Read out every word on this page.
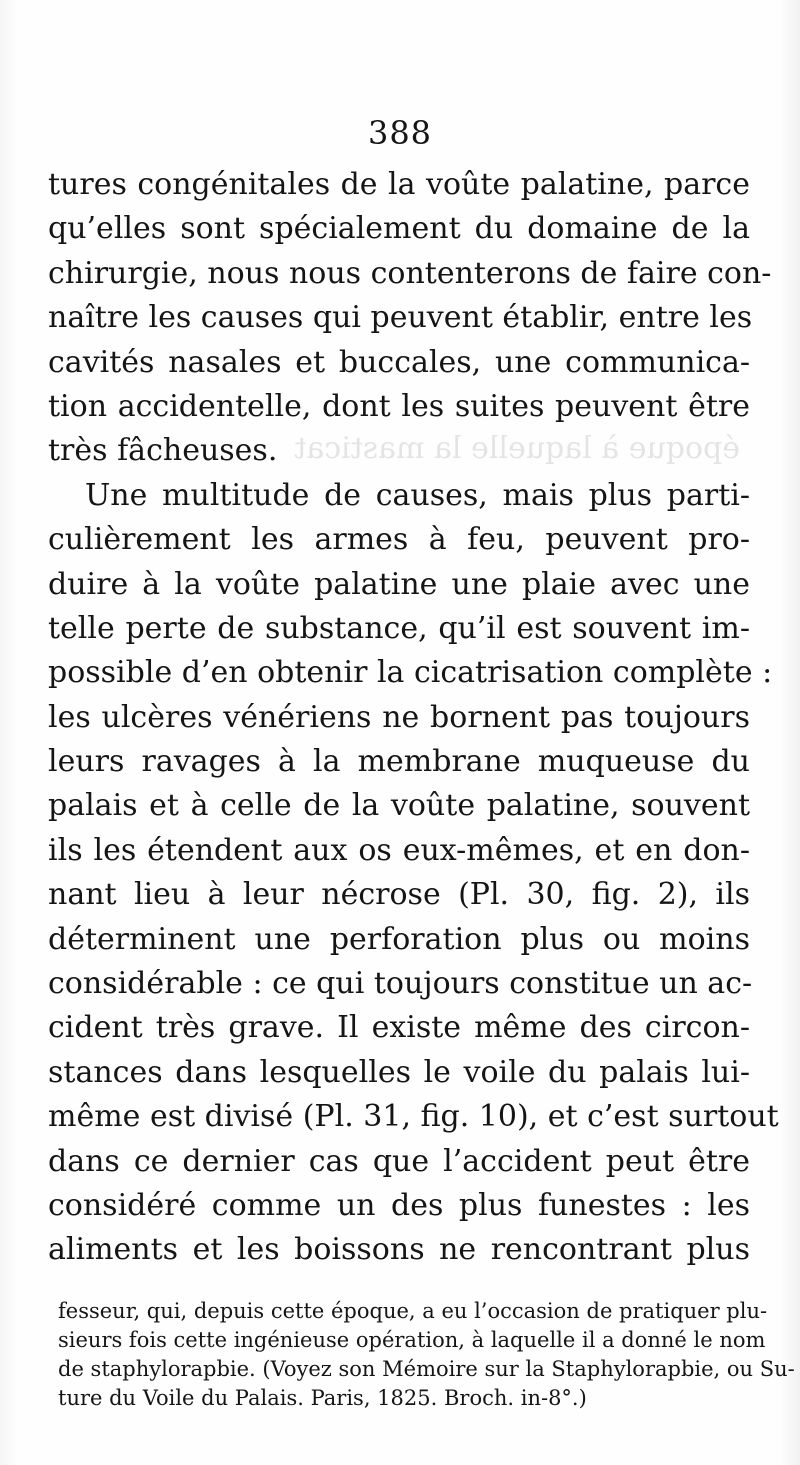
époque à laquelle la masticat
388
tures congénitales de la voûte palatine, parce
qu’elles sont spécialement du domaine de la
chirurgie, nous nous contenterons de faire con-
naître les causes qui peuvent établir, entre les
cavités nasales et buccales, une communica-
tion accidentelle, dont les suites peuvent être
très fâcheuses.
Une multitude de causes, mais plus parti-
culièrement les armes à feu, peuvent pro-
duire à la voûte palatine une plaie avec une
telle perte de substance, qu’il est souvent im-
possible d’en obtenir la cicatrisation complète :
les ulcères vénériens ne bornent pas toujours
leurs ravages à la membrane muqueuse du
palais et à celle de la voûte palatine, souvent
ils les étendent aux os eux-mêmes, et en don-
nant lieu à leur nécrose (Pl. 30, fig. 2), ils
déterminent une perforation plus ou moins
considérable : ce qui toujours constitue un ac-
cident très grave. Il existe même des circon-
stances dans lesquelles le voile du palais lui-
même est divisé (Pl. 31, fig. 10), et c’est surtout
dans ce dernier cas que l’accident peut être
considéré comme un des plus funestes : les
aliments et les boissons ne rencontrant plus
fesseur, qui, depuis cette époque, a eu l’occasion de pratiquer plu-
sieurs fois cette ingénieuse opération, à laquelle il a donné le nom
de staphylorapbie. (Voyez son Mémoire sur la Staphylorapbie, ou Su-
ture du Voile du Palais. Paris, 1825. Broch. in-8°.)
